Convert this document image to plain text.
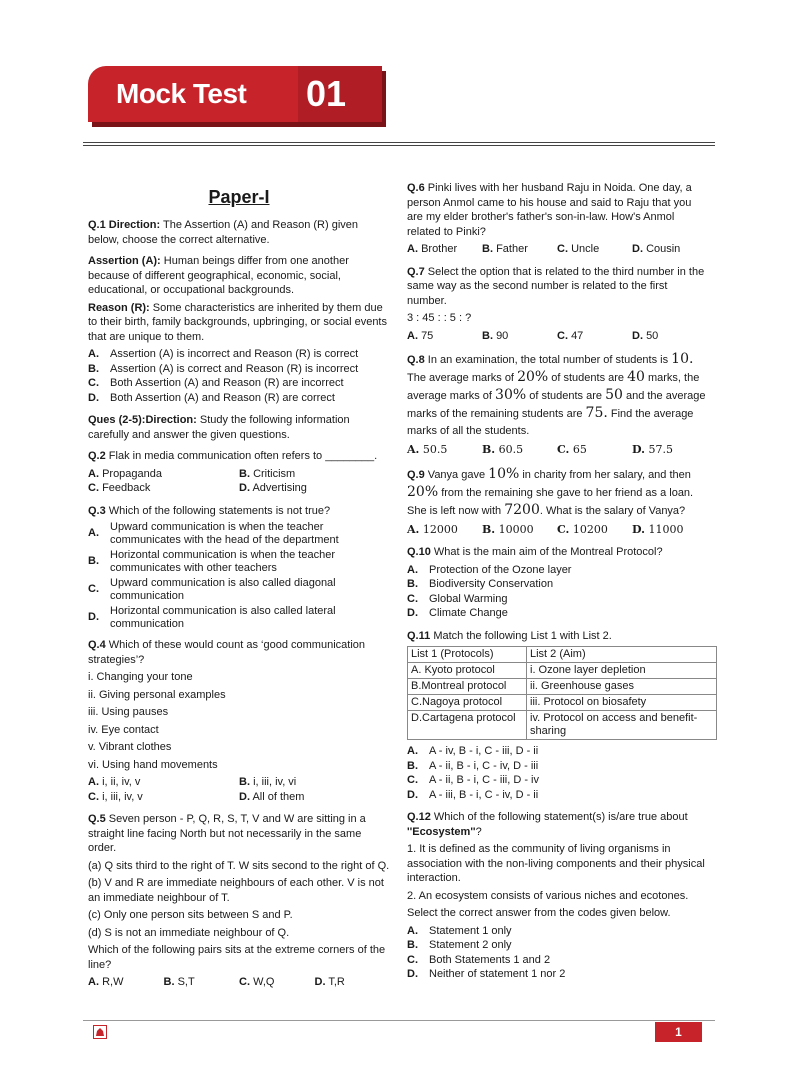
Mock Test 01
Paper-I

Q.1 Direction: The Assertion (A) and Reason (R) given below, choose the correct alternative.

Assertion (A): Human beings differ from one another because of different geographical, economic, social, educational, or occupational backgrounds.

Reason (R): Some characteristics are inherited by them due to their birth, family backgrounds, upbringing, or social events that are unique to them.

A.	Assertion (A) is incorrect and Reason (R) is correct
B.	Assertion (A) is correct and Reason (R) is incorrect
C.	Both Assertion (A) and Reason (R) are incorrect
D.	Both Assertion (A) and Reason (R) are correct

Ques (2-5):Direction: Study the following information carefully and answer the given questions.

Q.2 Flak in media communication often refers to ________.

A. Propaganda	B. Criticism
C. Feedback	D. Advertising

Q.3 Which of the following statements is not true?

A.
Upward communication is when the teacher communicates with the head of the department
B.
Horizontal communication is when the teacher communicates with other teachers
C.
Upward communication is also called diagonal communication
D.
Horizontal communication is also called lateral communication

Q.4 Which of these would count as ‘good communication strategies’?

i. Changing your tone
ii. Giving personal examples
iii. Using pauses
iv. Eye contact
v. Vibrant clothes
vi. Using hand movements
A. i, ii, iv, v	B. i, iii, iv, vi
C. i, iii, iv, v	D. All of them

Q.5 Seven person - P, Q, R, S, T, V and W are sitting in a straight line facing North but not necessarily in the same order.

(a) Q sits third to the right of T. W sits second to the right of Q.
(b) V and R are immediate neighbours of each other. V is not an immediate neighbour of T.
(c) Only one person sits between S and P.
(d) S is not an immediate neighbour of Q.
Which of the following pairs sits at the extreme corners of the line?
A. R,W	B. S,T	C. W,Q	D. T,R

Q.6 Pinki lives with her husband Raju in Noida. One day, a person Anmol came to his house and said to Raju that you are my elder brother's father's son-in-law. How's Anmol related to Pinki?

A. Brother	B. Father	C. Uncle	D. Cousin

Q.7 Select the option that is related to the third number in the same way as the second number is related to the first number.

3 : 45 : : 5 : ?
A. 75	B. 90	C. 47	D. 50

Q.8 In an examination, the total number of students is 10. The average marks of 20% of students are 40 marks, the average marks of 30% of students are 50 and the average marks of the remaining students are 75. Find the average marks of all the students.

A. 50.5	B. 60.5	C. 65	D. 57.5

Q.9 Vanya gave 10% in charity from her salary, and then 20% from the remaining she gave to her friend as a loan. She is left now with 7200. What is the salary of Vanya?

A. 12000	B. 10000	C. 10200	D. 11000

Q.10 What is the main aim of the Montreal Protocol?

A.	Protection of the Ozone layer
B.	Biodiversity Conservation
C.	Global Warming
D.	Climate Change

Q.11 Match the following List 1 with List 2.

List 1 (Protocols)	List 2 (Aim)
A. Kyoto protocol	i. Ozone layer depletion
B.Montreal protocol	ii. Greenhouse gases
C.Nagoya protocol	iii. Protocol on biosafety
D.Cartagena protocol	iv. Protocol on access and benefit-sharing
A.	A - iv, B - i, C - iii, D - ii
B.	A - ii, B - i, C - iv, D - iii
C.	A - ii, B - i, C - iii, D - iv
D.	A - iii, B - i, C - iv, D - ii

Q.12 Which of the following statement(s) is/are true about ''Ecosystem''?

1. It is defined as the community of living organisms in association with the non-living components and their physical interaction.
2. An ecosystem consists of various niches and ecotones.
Select the correct answer from the codes given below.
A.	Statement 1 only
B.	Statement 2 only
C.	Both Statements 1 and 2
D.	Neither of statement 1 nor 2
1
